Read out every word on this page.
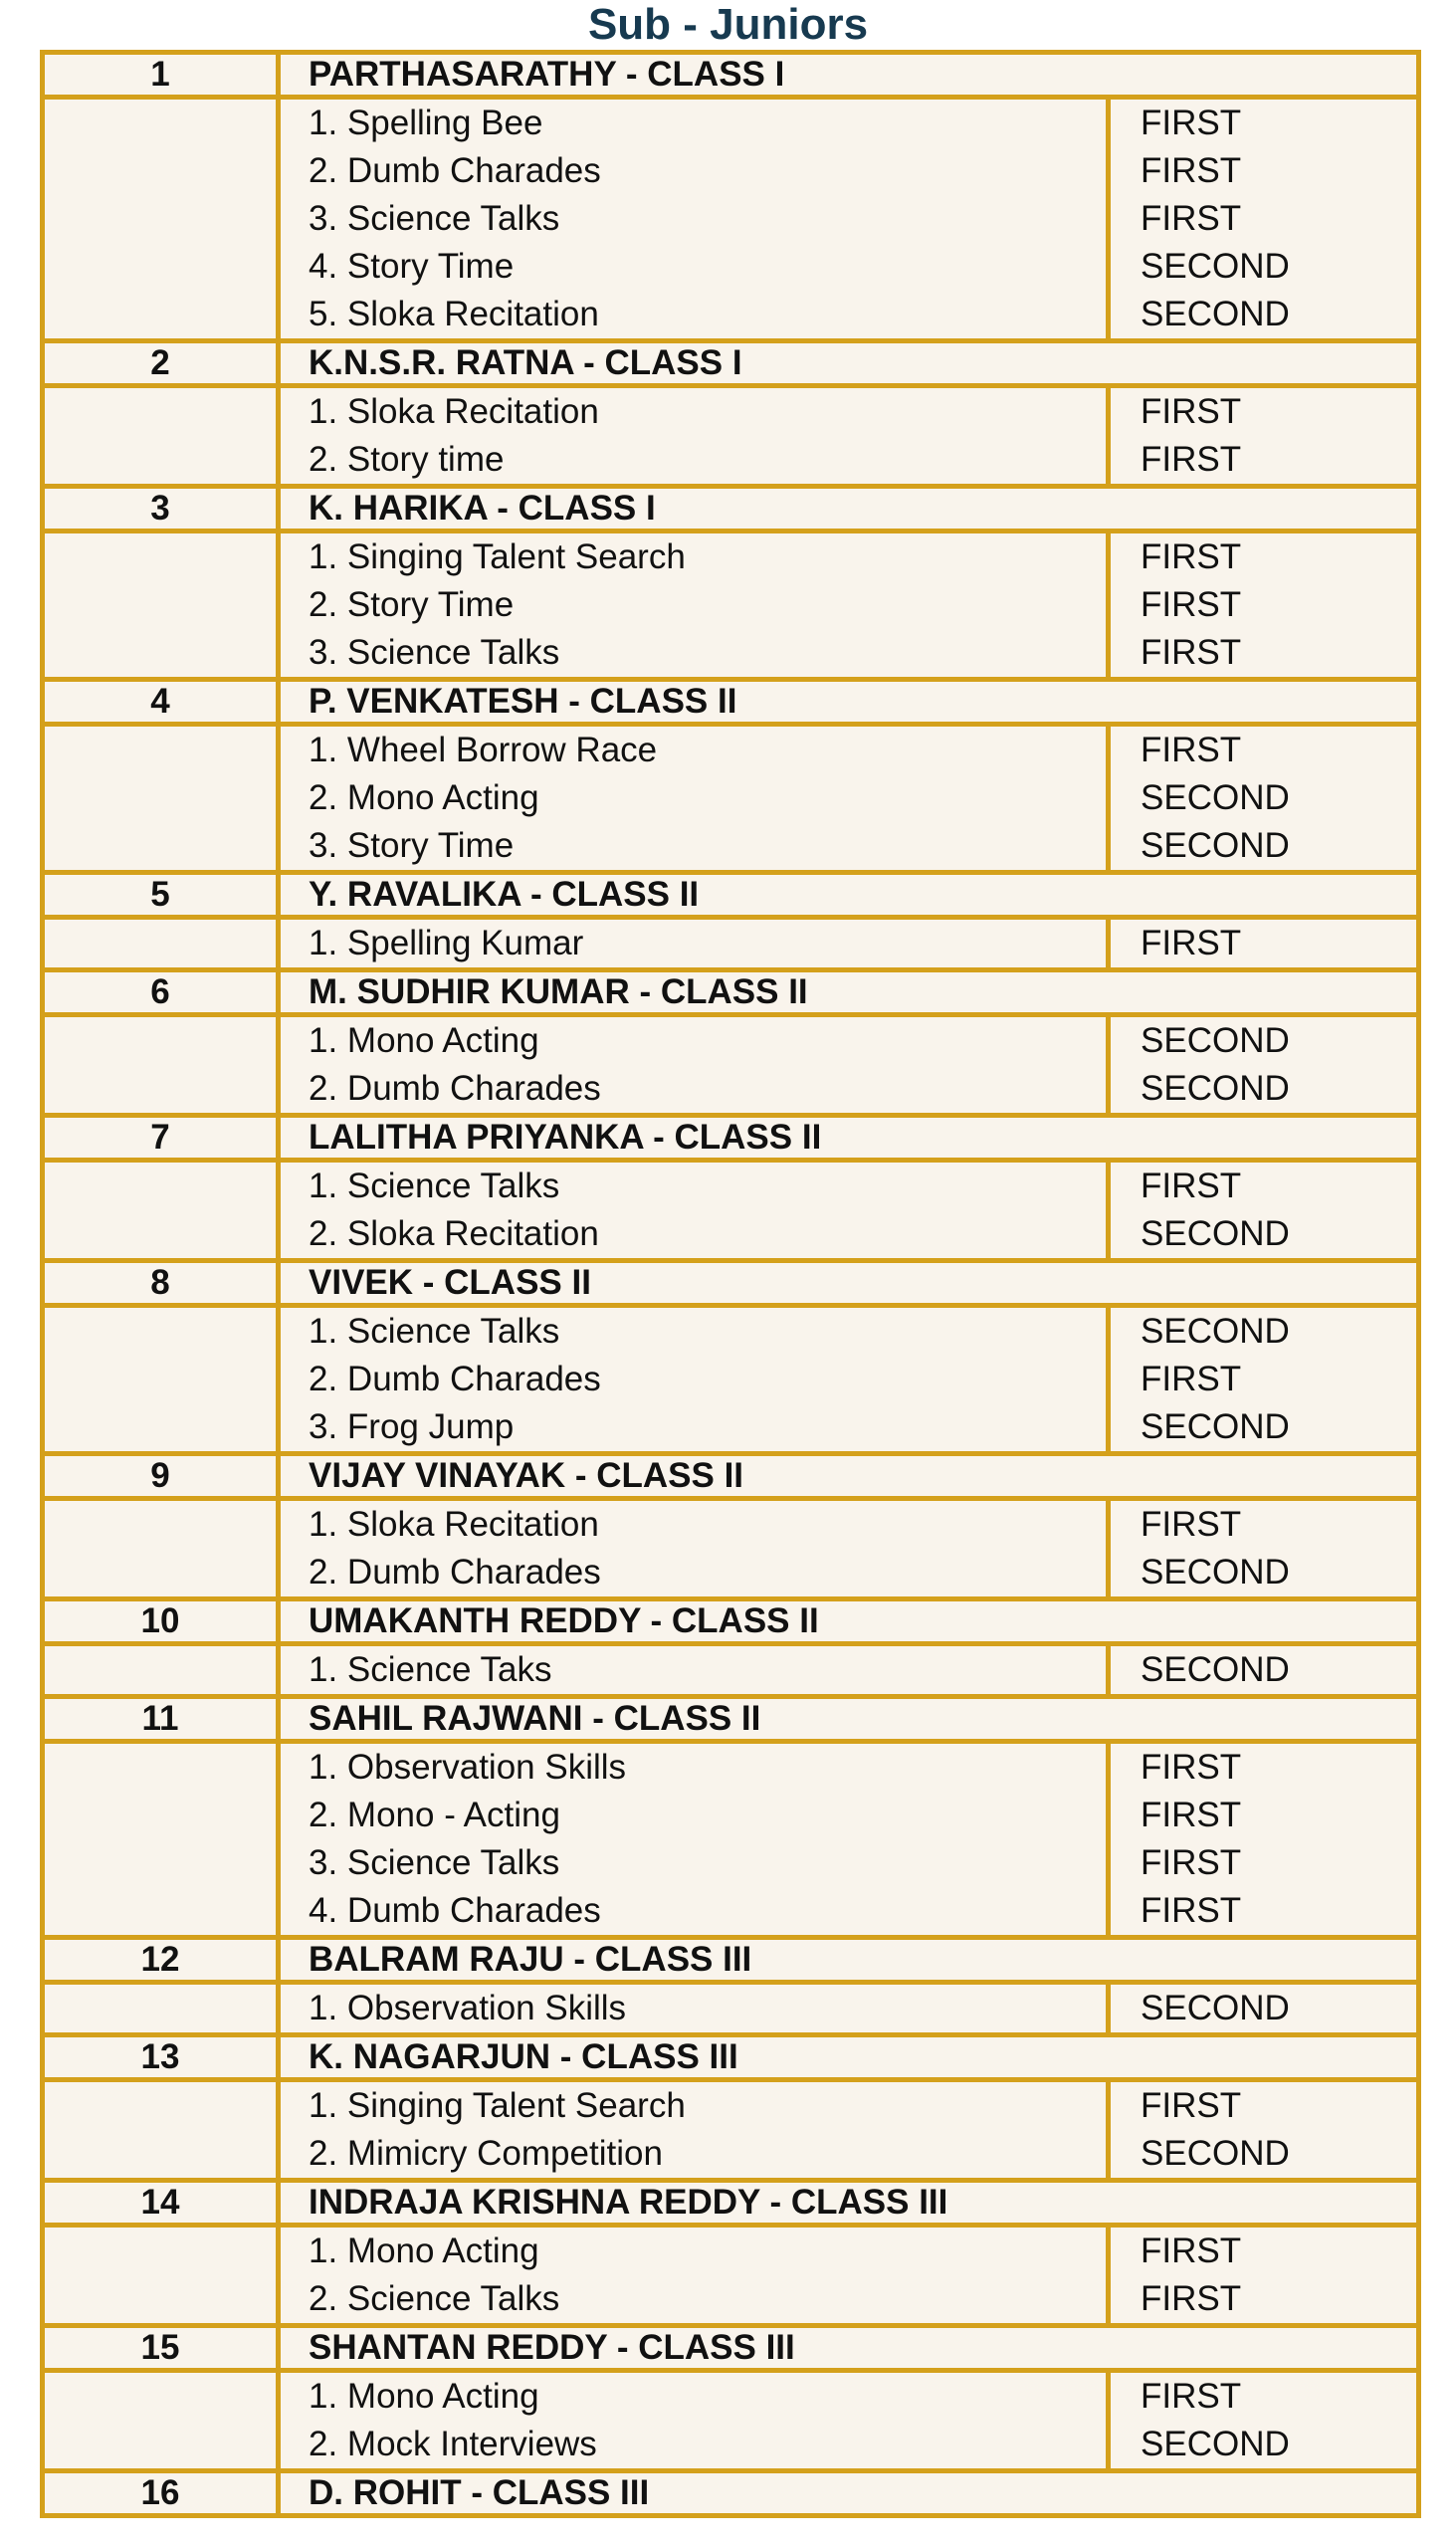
Sub - Juniors
1	PARTHASARATHY - CLASS I	
	1. Spelling Bee	FIRST
	2. Dumb Charades	FIRST
	3. Science Talks	FIRST
	4. Story Time	SECOND
	5. Sloka Recitation	SECOND
2	K.N.S.R. RATNA - CLASS I	
	1. Sloka Recitation	FIRST
	2. Story time	FIRST
3	K. HARIKA - CLASS I	
	1. Singing Talent Search	FIRST
	2. Story Time	FIRST
	3. Science Talks	FIRST
4	P. VENKATESH - CLASS II	
	1. Wheel Borrow Race	FIRST
	2. Mono Acting	SECOND
	3. Story Time	SECOND
5	Y. RAVALIKA - CLASS II	
	1. Spelling Kumar	FIRST
6	M. SUDHIR KUMAR - CLASS II	
	1. Mono Acting	SECOND
	2. Dumb Charades	SECOND
7	LALITHA PRIYANKA - CLASS II	
	1. Science Talks	FIRST
	2. Sloka Recitation	SECOND
8	VIVEK - CLASS II	
	1. Science Talks	SECOND
	2. Dumb Charades	FIRST
	3. Frog Jump	SECOND
9	VIJAY VINAYAK - CLASS II	
	1. Sloka Recitation	FIRST
	2. Dumb Charades	SECOND
10	UMAKANTH REDDY - CLASS II	
	1. Science Taks	SECOND
11	SAHIL RAJWANI - CLASS II	
	1. Observation Skills	FIRST
	2. Mono - Acting	FIRST
	3. Science Talks	FIRST
	4. Dumb Charades	FIRST
12	BALRAM RAJU - CLASS III	
	1. Observation Skills	SECOND
13	K. NAGARJUN - CLASS III	
	1. Singing Talent Search	FIRST
	2. Mimicry Competition	SECOND
14	INDRAJA KRISHNA REDDY - CLASS III	
	1. Mono Acting	FIRST
	2. Science Talks	FIRST
15	SHANTAN REDDY - CLASS III	
	1. Mono Acting	FIRST
	2. Mock Interviews	SECOND
16	D. ROHIT - CLASS III	
